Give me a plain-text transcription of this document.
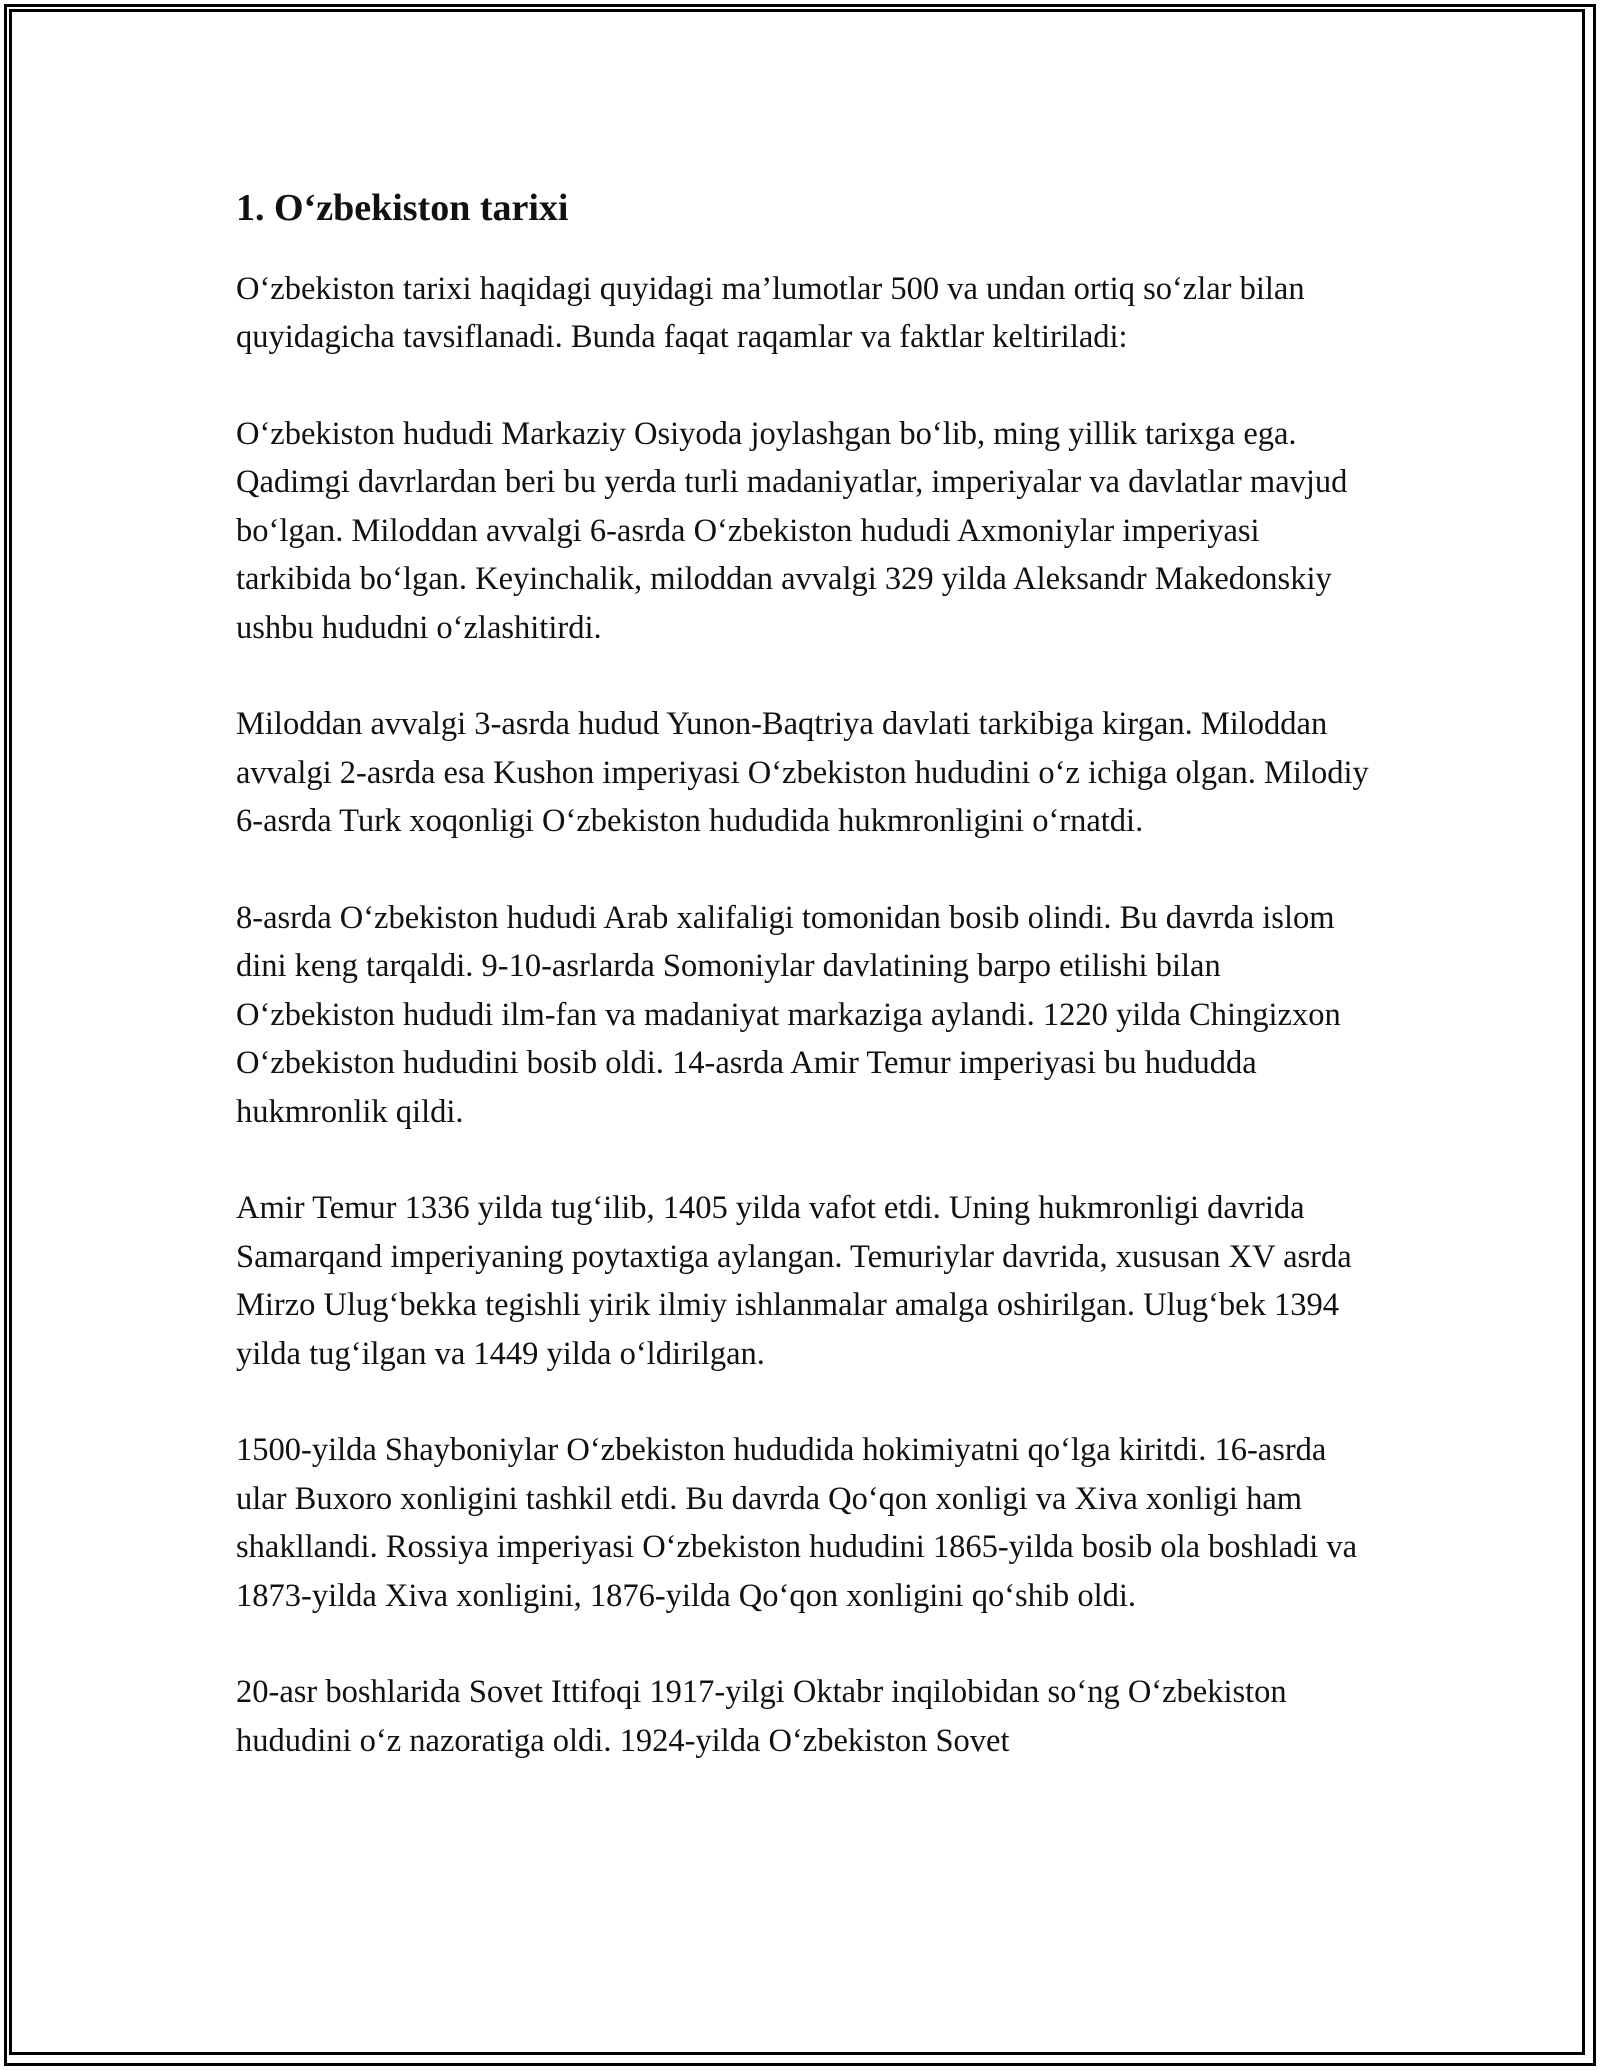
1. O‘zbekiston tarixi

O‘zbekiston tarixi haqidagi quyidagi ma’lumotlar 500 va undan ortiq so‘zlar bilan quyidagicha tavsiflanadi. Bunda faqat raqamlar va faktlar keltiriladi:

O‘zbekiston hududi Markaziy Osiyoda joylashgan bo‘lib, ming yillik tarixga ega. Qadimgi davrlardan beri bu yerda turli madaniyatlar, imperiyalar va davlatlar mavjud bo‘lgan. Miloddan avvalgi 6-asrda O‘zbekiston hududi Axmoniylar imperiyasi tarkibida bo‘lgan. Keyinchalik, miloddan avvalgi 329 yilda Aleksandr Makedonskiy ushbu hududni o‘zlashitirdi.

Miloddan avvalgi 3-asrda hudud Yunon-Baqtriya davlati tarkibiga kirgan. Miloddan avvalgi 2-asrda esa Kushon imperiyasi O‘zbekiston hududini o‘z ichiga olgan. Milodiy 6-asrda Turk xoqonligi O‘zbekiston hududida hukmronligini o‘rnatdi.

8-asrda O‘zbekiston hududi Arab xalifaligi tomonidan bosib olindi. Bu davrda islom dini keng tarqaldi. 9-10-asrlarda Somoniylar davlatining barpo etilishi bilan O‘zbekiston hududi ilm-fan va madaniyat markaziga aylandi. 1220 yilda Chingizxon O‘zbekiston hududini bosib oldi. 14-asrda Amir Temur imperiyasi bu hududda hukmronlik qildi.

Amir Temur 1336 yilda tug‘ilib, 1405 yilda vafot etdi. Uning hukmronligi davrida Samarqand imperiyaning poytaxtiga aylangan. Temuriylar davrida, xususan XV asrda Mirzo Ulug‘bekka tegishli yirik ilmiy ishlanmalar amalga oshirilgan. Ulug‘bek 1394 yilda tug‘ilgan va 1449 yilda o‘ldirilgan.

1500-yilda Shayboniylar O‘zbekiston hududida hokimiyatni qo‘lga kiritdi. 16-asrda ular Buxoro xonligini tashkil etdi. Bu davrda Qo‘qon xonligi va Xiva xonligi ham shakllandi. Rossiya imperiyasi O‘zbekiston hududini 1865-yilda bosib ola boshladi va 1873-yilda Xiva xonligini, 1876-yilda Qo‘qon xonligini qo‘shib oldi.

20-asr boshlarida Sovet Ittifoqi 1917-yilgi Oktabr inqilobidan so‘ng O‘zbekiston hududini o‘z nazoratiga oldi. 1924-yilda O‘zbekiston Sovet
